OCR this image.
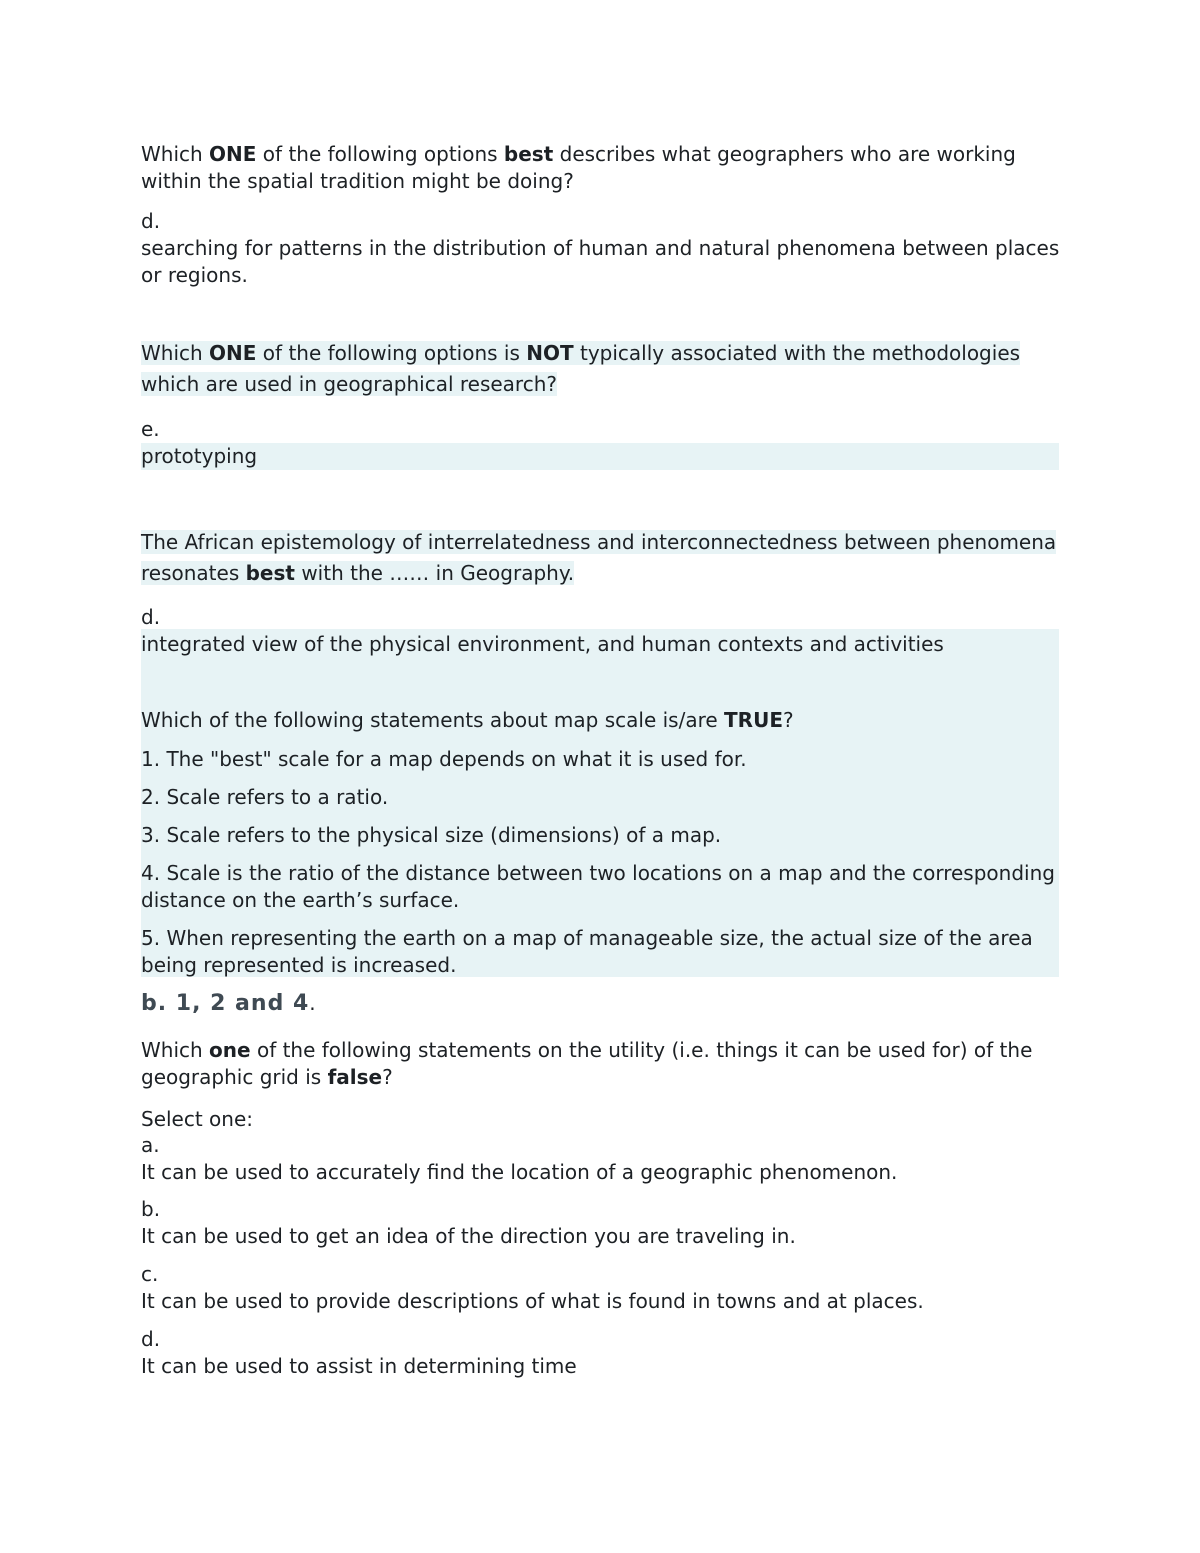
Which ONE of the following options best describes what geographers who are working
within the spatial tradition might be doing?
d.
searching for patterns in the distribution of human and natural phenomena between places
or regions.
Which ONE of the following options is NOT typically associated with the methodologies
which are used in geographical research?
e.
prototyping
The African epistemology of interrelatedness and interconnectedness between phenomena
resonates best with the …… in Geography.
d.
integrated view of the physical environment, and human contexts and activities
Which of the following statements about map scale is/are TRUE?
1. The "best" scale for a map depends on what it is used for.
2. Scale refers to a ratio.
3. Scale refers to the physical size (dimensions) of a map.
4. Scale is the ratio of the distance between two locations on a map and the corresponding
distance on the earth’s surface.
5. When representing the earth on a map of manageable size, the actual size of the area
being represented is increased.
b. 1, 2 and 4.
Which one of the following statements on the utility (i.e. things it can be used for) of the
geographic grid is false?
Select one:
a.
It can be used to accurately find the location of a geographic phenomenon.
b.
It can be used to get an idea of the direction you are traveling in.
c.
It can be used to provide descriptions of what is found in towns and at places.
d.
It can be used to assist in determining time
